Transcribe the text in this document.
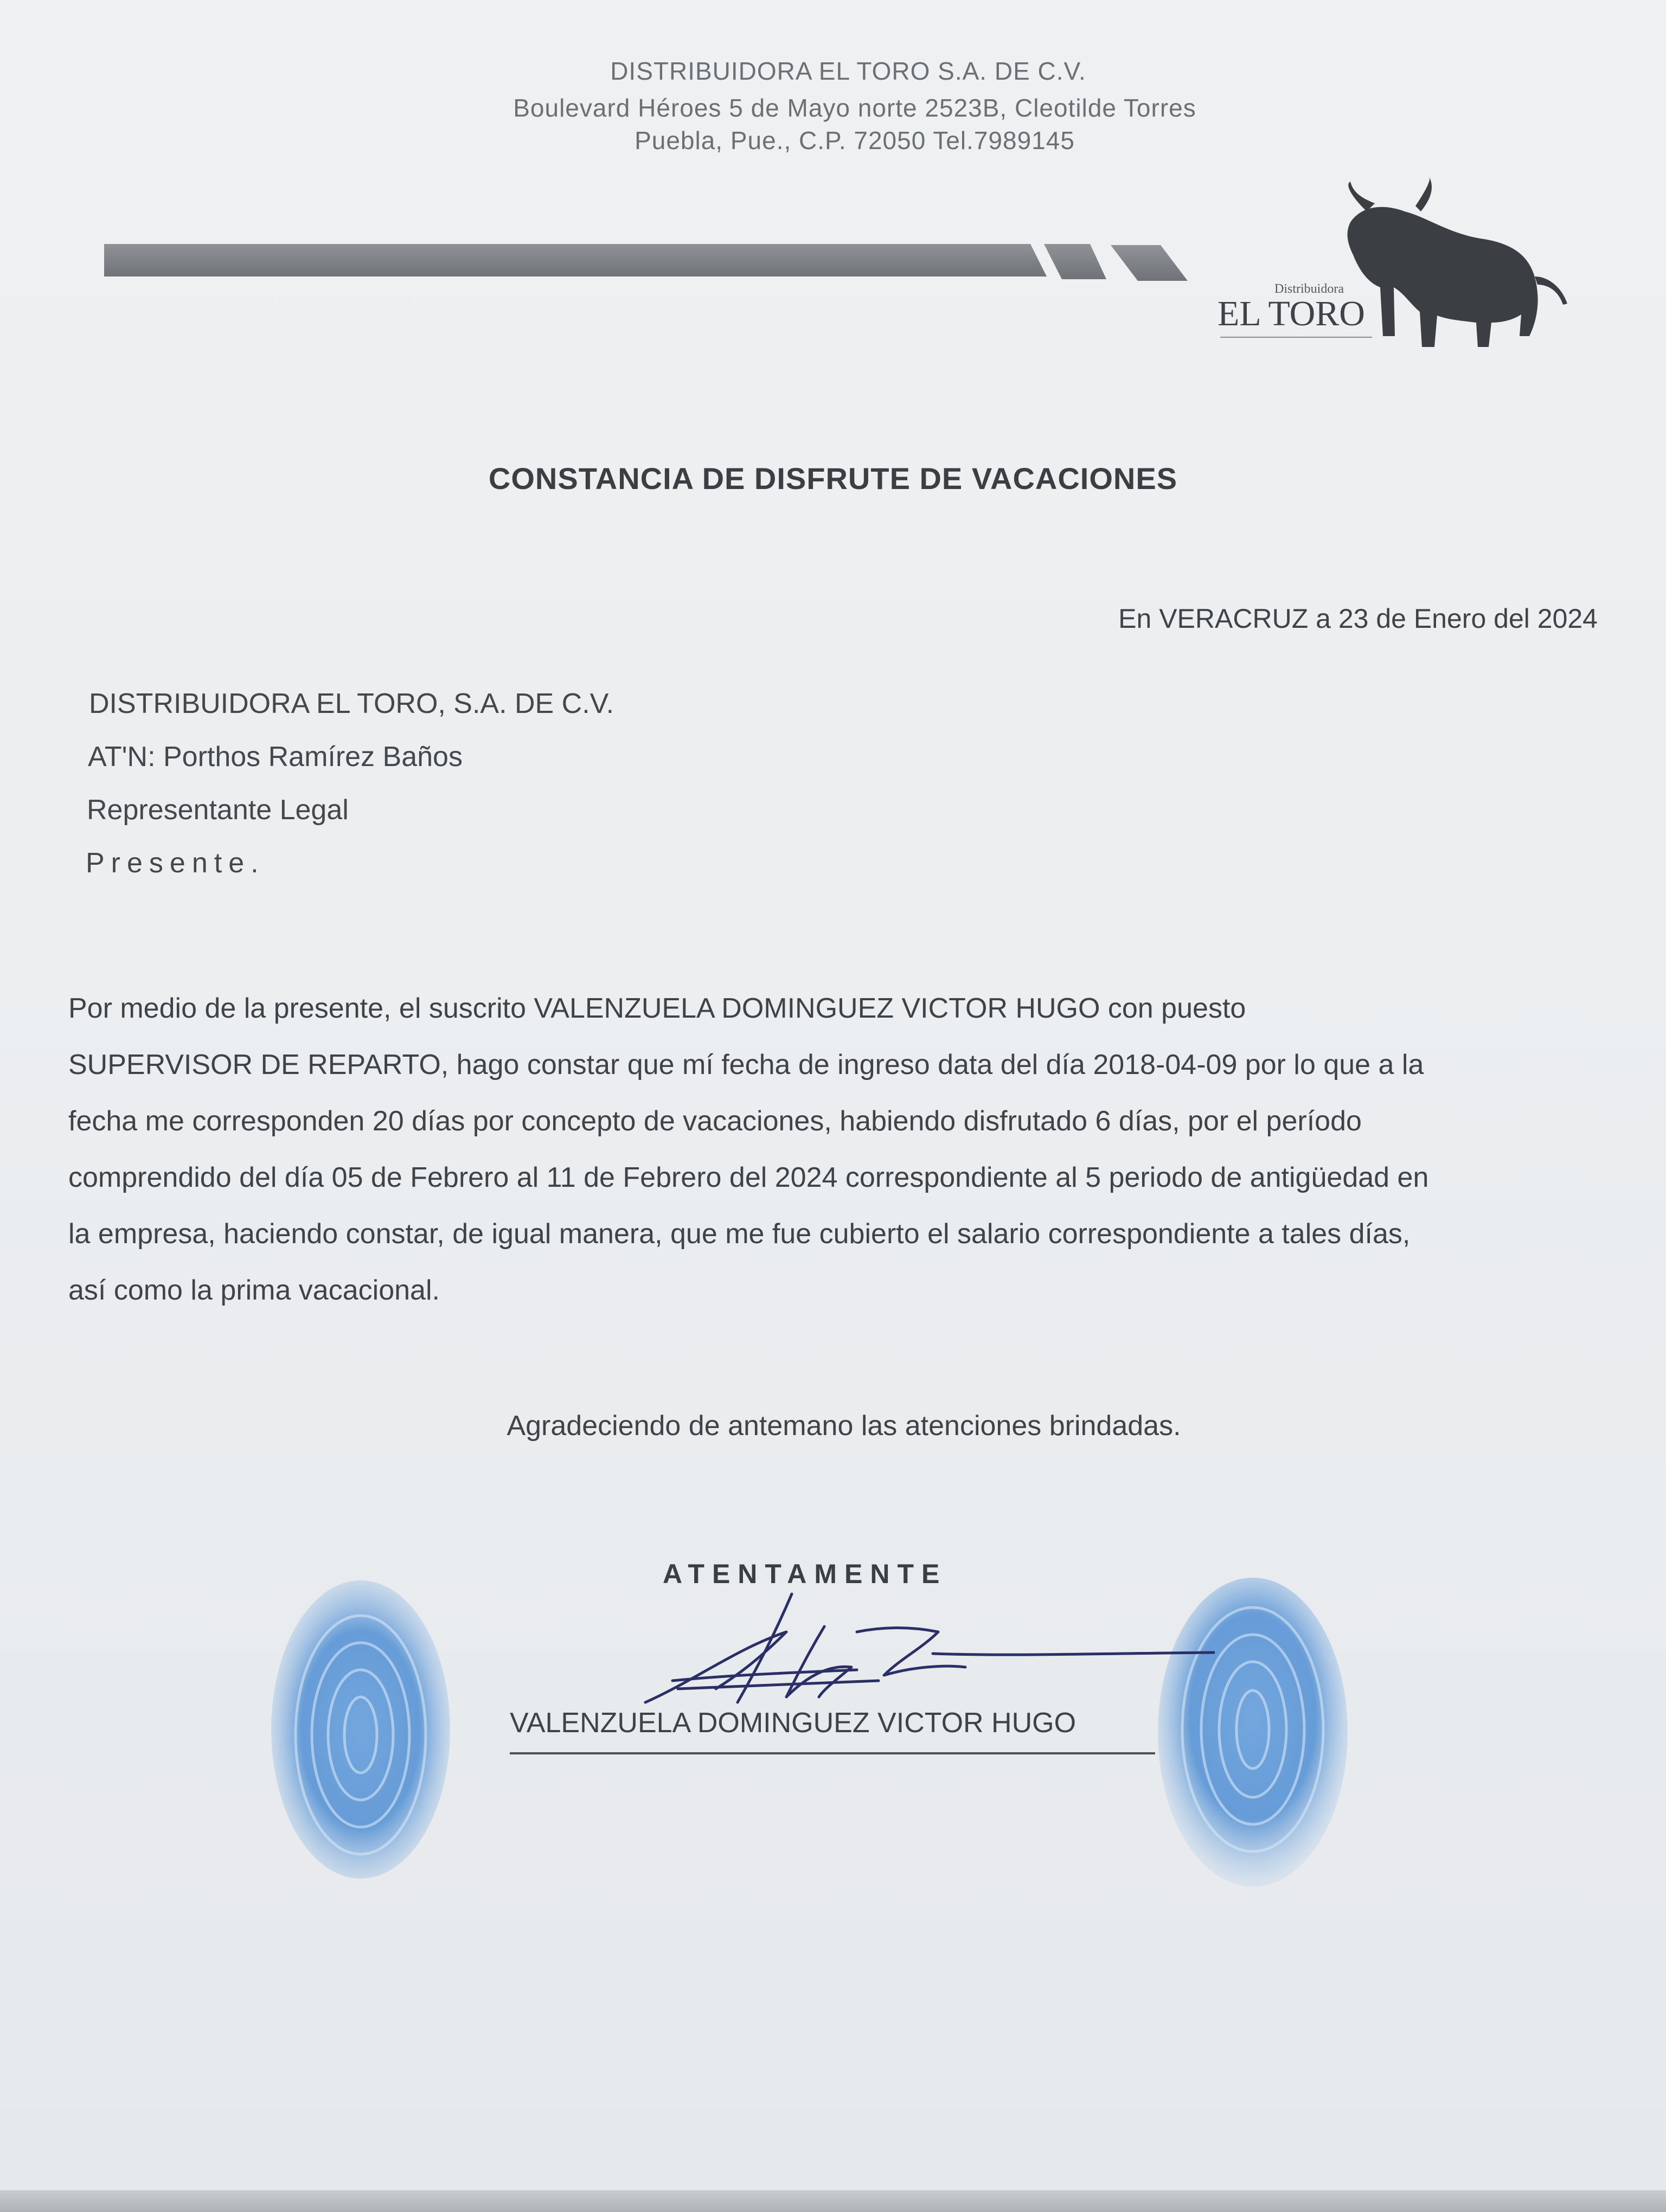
DISTRIBUIDORA EL TORO S.A. DE C.V.
Boulevard Héroes 5 de Mayo norte 2523B, Cleotilde Torres
Puebla, Pue., C.P. 72050 Tel.7989145
Distribuidora
EL TORO
CONSTANCIA DE DISFRUTE DE VACACIONES
En VERACRUZ a 23 de Enero del 2024
DISTRIBUIDORA EL TORO, S.A. DE C.V.
AT'N: Porthos Ramírez Baños
Representante Legal
Presente.
Por medio de la presente, el suscrito VALENZUELA DOMINGUEZ VICTOR HUGO con puesto
SUPERVISOR DE REPARTO, hago constar que mí fecha de ingreso data del día 2018-04-09 por lo que a la
fecha me corresponden 20 días por concepto de vacaciones, habiendo disfrutado 6 días, por el período
comprendido del día 05 de Febrero al 11 de Febrero del 2024 correspondiente al 5 periodo de antigüedad en
la empresa, haciendo constar, de igual manera, que me fue cubierto el salario correspondiente a tales días,
así como la prima vacacional.
Agradeciendo de antemano las atenciones brindadas.
ATENTAMENTE
VALENZUELA DOMINGUEZ VICTOR HUGO
